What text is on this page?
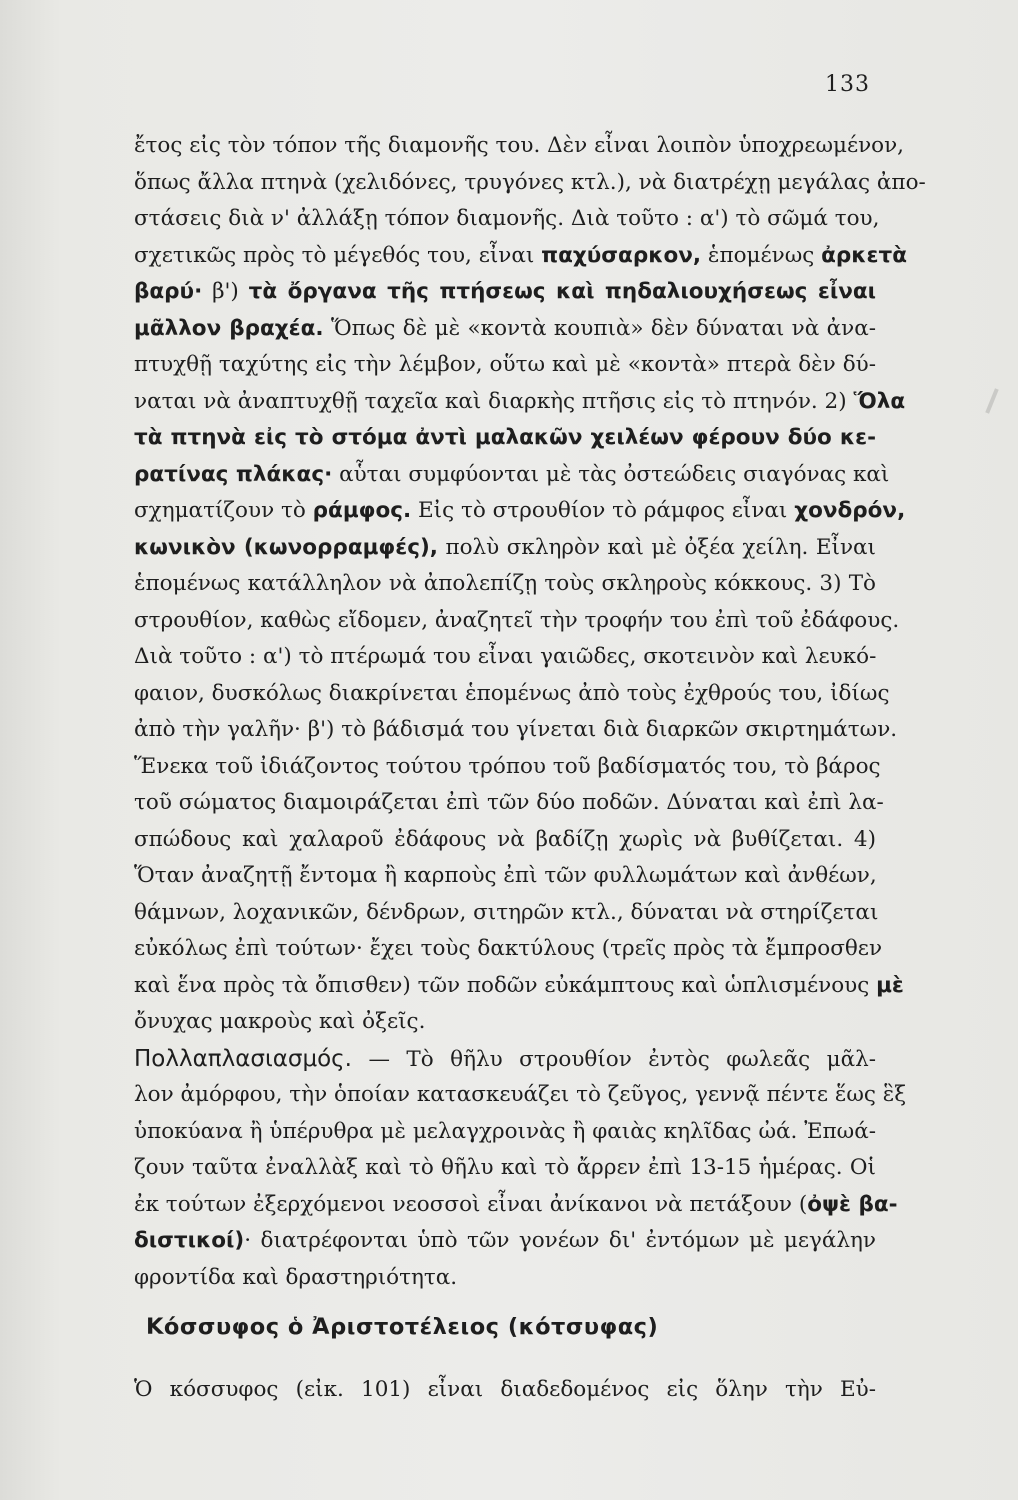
133
ἔτος εἰς τὸν τόπον τῆς διαμονῆς του. Δὲν εἶναι λοιπὸν ὑποχρεωμένον,
ὅπως ἄλλα πτηνὰ (χελιδόνες, τρυγόνες κτλ.), νὰ διατρέχῃ μεγάλας ἀπο-
στάσεις διὰ ν' ἀλλάξῃ τόπον διαμονῆς. Διὰ τοῦτο : α') τὸ σῶμά του,
σχετικῶς πρὸς τὸ μέγεθός του, εἶναι παχύσαρκον, ἑπομένως ἀρκετὰ
βαρύ· β') τὰ ὄργανα τῆς πτήσεως καὶ πηδαλιουχήσεως εἶναι
μᾶλλον βραχέα. Ὅπως δὲ μὲ «κοντὰ κουπιὰ» δὲν δύναται νὰ ἀνα-
πτυχθῇ ταχύτης εἰς τὴν λέμβον, οὕτω καὶ μὲ «κοντὰ» πτερὰ δὲν δύ-
ναται νὰ ἀναπτυχθῇ ταχεῖα καὶ διαρκὴς πτῆσις εἰς τὸ πτηνόν. 2) Ὅλα
τὰ πτηνὰ εἰς τὸ στόμα ἀντὶ μαλακῶν χειλέων φέρουν δύο κε-
ρατίνας πλάκας· αὗται συμφύονται μὲ τὰς ὀστεώδεις σιαγόνας καὶ
σχηματίζουν τὸ ράμφος. Εἰς τὸ στρουθίον τὸ ράμφος εἶναι χονδρόν,
κωνικὸν (κωνορραμφές), πολὺ σκληρὸν καὶ μὲ ὀξέα χείλη. Εἶναι
ἑπομένως κατάλληλον νὰ ἀπολεπίζῃ τοὺς σκληροὺς κόκκους. 3) Τὸ
στρουθίον, καθὼς εἴδομεν, ἀναζητεῖ τὴν τροφήν του ἐπὶ τοῦ ἐδάφους.
Διὰ τοῦτο : α') τὸ πτέρωμά του εἶναι γαιῶδες, σκοτεινὸν καὶ λευκό-
φαιον, δυσκόλως διακρίνεται ἑπομένως ἀπὸ τοὺς ἐχθρούς του, ἰδίως
ἀπὸ τὴν γαλῆν· β') τὸ βάδισμά του γίνεται διὰ διαρκῶν σκιρτημάτων.
Ἕνεκα τοῦ ἰδιάζοντος τούτου τρόπου τοῦ βαδίσματός του, τὸ βάρος
τοῦ σώματος διαμοιράζεται ἐπὶ τῶν δύο ποδῶν. Δύναται καὶ ἐπὶ λα-
σπώδους καὶ χαλαροῦ ἐδάφους νὰ βαδίζῃ χωρὶς νὰ βυθίζεται. 4)
Ὅταν ἀναζητῇ ἔντομα ἢ καρποὺς ἐπὶ τῶν φυλλωμάτων καὶ ἀνθέων,
θάμνων, λοχανικῶν, δένδρων, σιτηρῶν κτλ., δύναται νὰ στηρίζεται
εὐκόλως ἐπὶ τούτων· ἔχει τοὺς δακτύλους (τρεῖς πρὸς τὰ ἔμπροσθεν
καὶ ἕνα πρὸς τὰ ὄπισθεν) τῶν ποδῶν εὐκάμπτους καὶ ὡπλισμένους μὲ
ὄνυχας μακροὺς καὶ ὀξεῖς.
Πολλαπλασιασμός. — Τὸ θῆλυ στρουθίον ἐντὸς φωλεᾶς μᾶλ-
λον ἀμόρφου, τὴν ὁποίαν κατασκευάζει τὸ ζεῦγος, γεννᾷ πέντε ἕως ἓξ
ὑποκύανα ἢ ὑπέρυθρα μὲ μελαγχροινὰς ἢ φαιὰς κηλῖδας ὠά. Ἐπωά-
ζουν ταῦτα ἐναλλὰξ καὶ τὸ θῆλυ καὶ τὸ ἄρρεν ἐπὶ 13-15 ἡμέρας. Οἱ
ἐκ τούτων ἐξερχόμενοι νεοσσοὶ εἶναι ἀνίκανοι νὰ πετάξουν (ὀψὲ βα-
διστικοί)· διατρέφονται ὑπὸ τῶν γονέων δι' ἐντόμων μὲ μεγάλην
φροντίδα καὶ δραστηριότητα.
Κόσσυφος ὁ Ἀριστοτέλειος (κότσυφας)
Ὁ κόσσυφος (εἰκ. 101) εἶναι διαδεδομένος εἰς ὅλην τὴν Εὐ-
